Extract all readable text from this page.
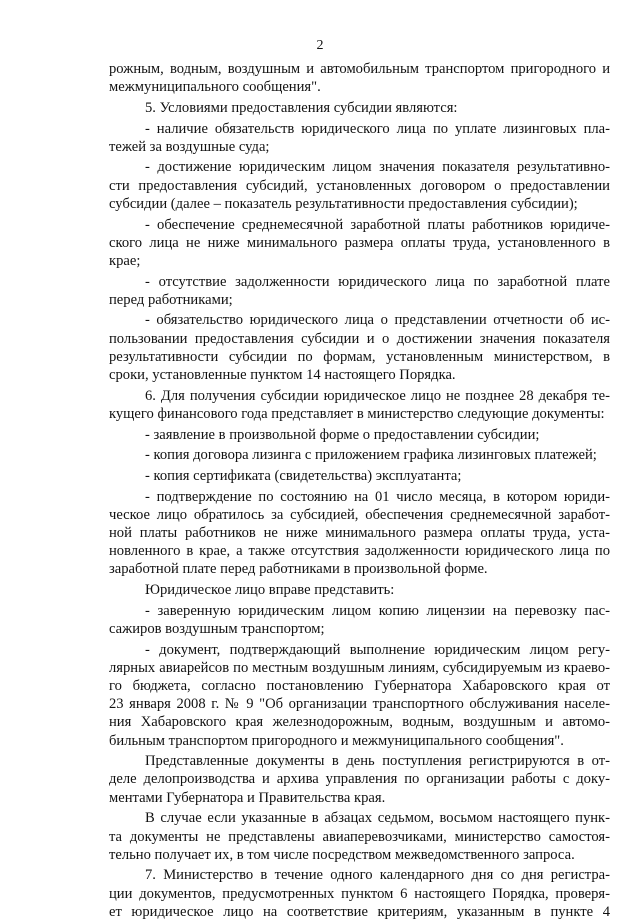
2
рожным, водным, воздушным и автомобильным транспортом пригородного и
межмуниципального сообщения".
5. Условиями предоставления субсидии являются:
- наличие обязательств юридического лица по уплате лизинговых пла-
тежей за воздушные суда;
- достижение юридическим лицом значения показателя результативно-
сти предоставления субсидий, установленных договором о предоставлении
субсидии (далее – показатель результативности предоставления субсидии);
- обеспечение среднемесячной заработной платы работников юридиче-
ского лица не ниже минимального размера оплаты труда, установленного в
крае;
- отсутствие задолженности юридического лица по заработной плате
перед работниками;
- обязательство юридического лица о представлении отчетности об ис-
пользовании предоставления субсидии и о достижении значения показателя
результативности субсидии по формам, установленным министерством, в
сроки, установленные пунктом 14 настоящего Порядка.
6. Для получения субсидии юридическое лицо не позднее 28 декабря те-
кущего финансового года представляет в министерство следующие документы:
- заявление в произвольной форме о предоставлении субсидии;
- копия договора лизинга с приложением графика лизинговых платежей;
- копия сертификата (свидетельства) эксплуатанта;
- подтверждение по состоянию на 01 число месяца, в котором юриди-
ческое лицо обратилось за субсидией, обеспечения среднемесячной заработ-
ной платы работников не ниже минимального размера оплаты труда, уста-
новленного в крае, а также отсутствия задолженности юридического лица по
заработной плате перед работниками в произвольной форме.
Юридическое лицо вправе представить:
- заверенную юридическим лицом копию лицензии на перевозку пас-
сажиров воздушным транспортом;
- документ, подтверждающий выполнение юридическим лицом регу-
лярных авиарейсов по местным воздушным линиям, субсидируемым из краево-
го бюджета, согласно постановлению Губернатора Хабаровского края от
23 января 2008 г. № 9 "Об организации транспортного обслуживания населе-
ния Хабаровского края железнодорожным, водным, воздушным и автомо-
бильным транспортом пригородного и межмуниципального сообщения".
Представленные документы в день поступления регистрируются в от-
деле делопроизводства и архива управления по организации работы с доку-
ментами Губернатора и Правительства края.
В случае если указанные в абзацах седьмом, восьмом настоящего пунк-
та документы не представлены авиаперевозчиками, министерство самостоя-
тельно получает их, в том числе посредством межведомственного запроса.
7. Министерство в течение одного календарного дня со дня регистра-
ции документов, предусмотренных пунктом 6 настоящего Порядка, проверя-
ет юридическое лицо на соответствие критериям, указанным в пункте 4
